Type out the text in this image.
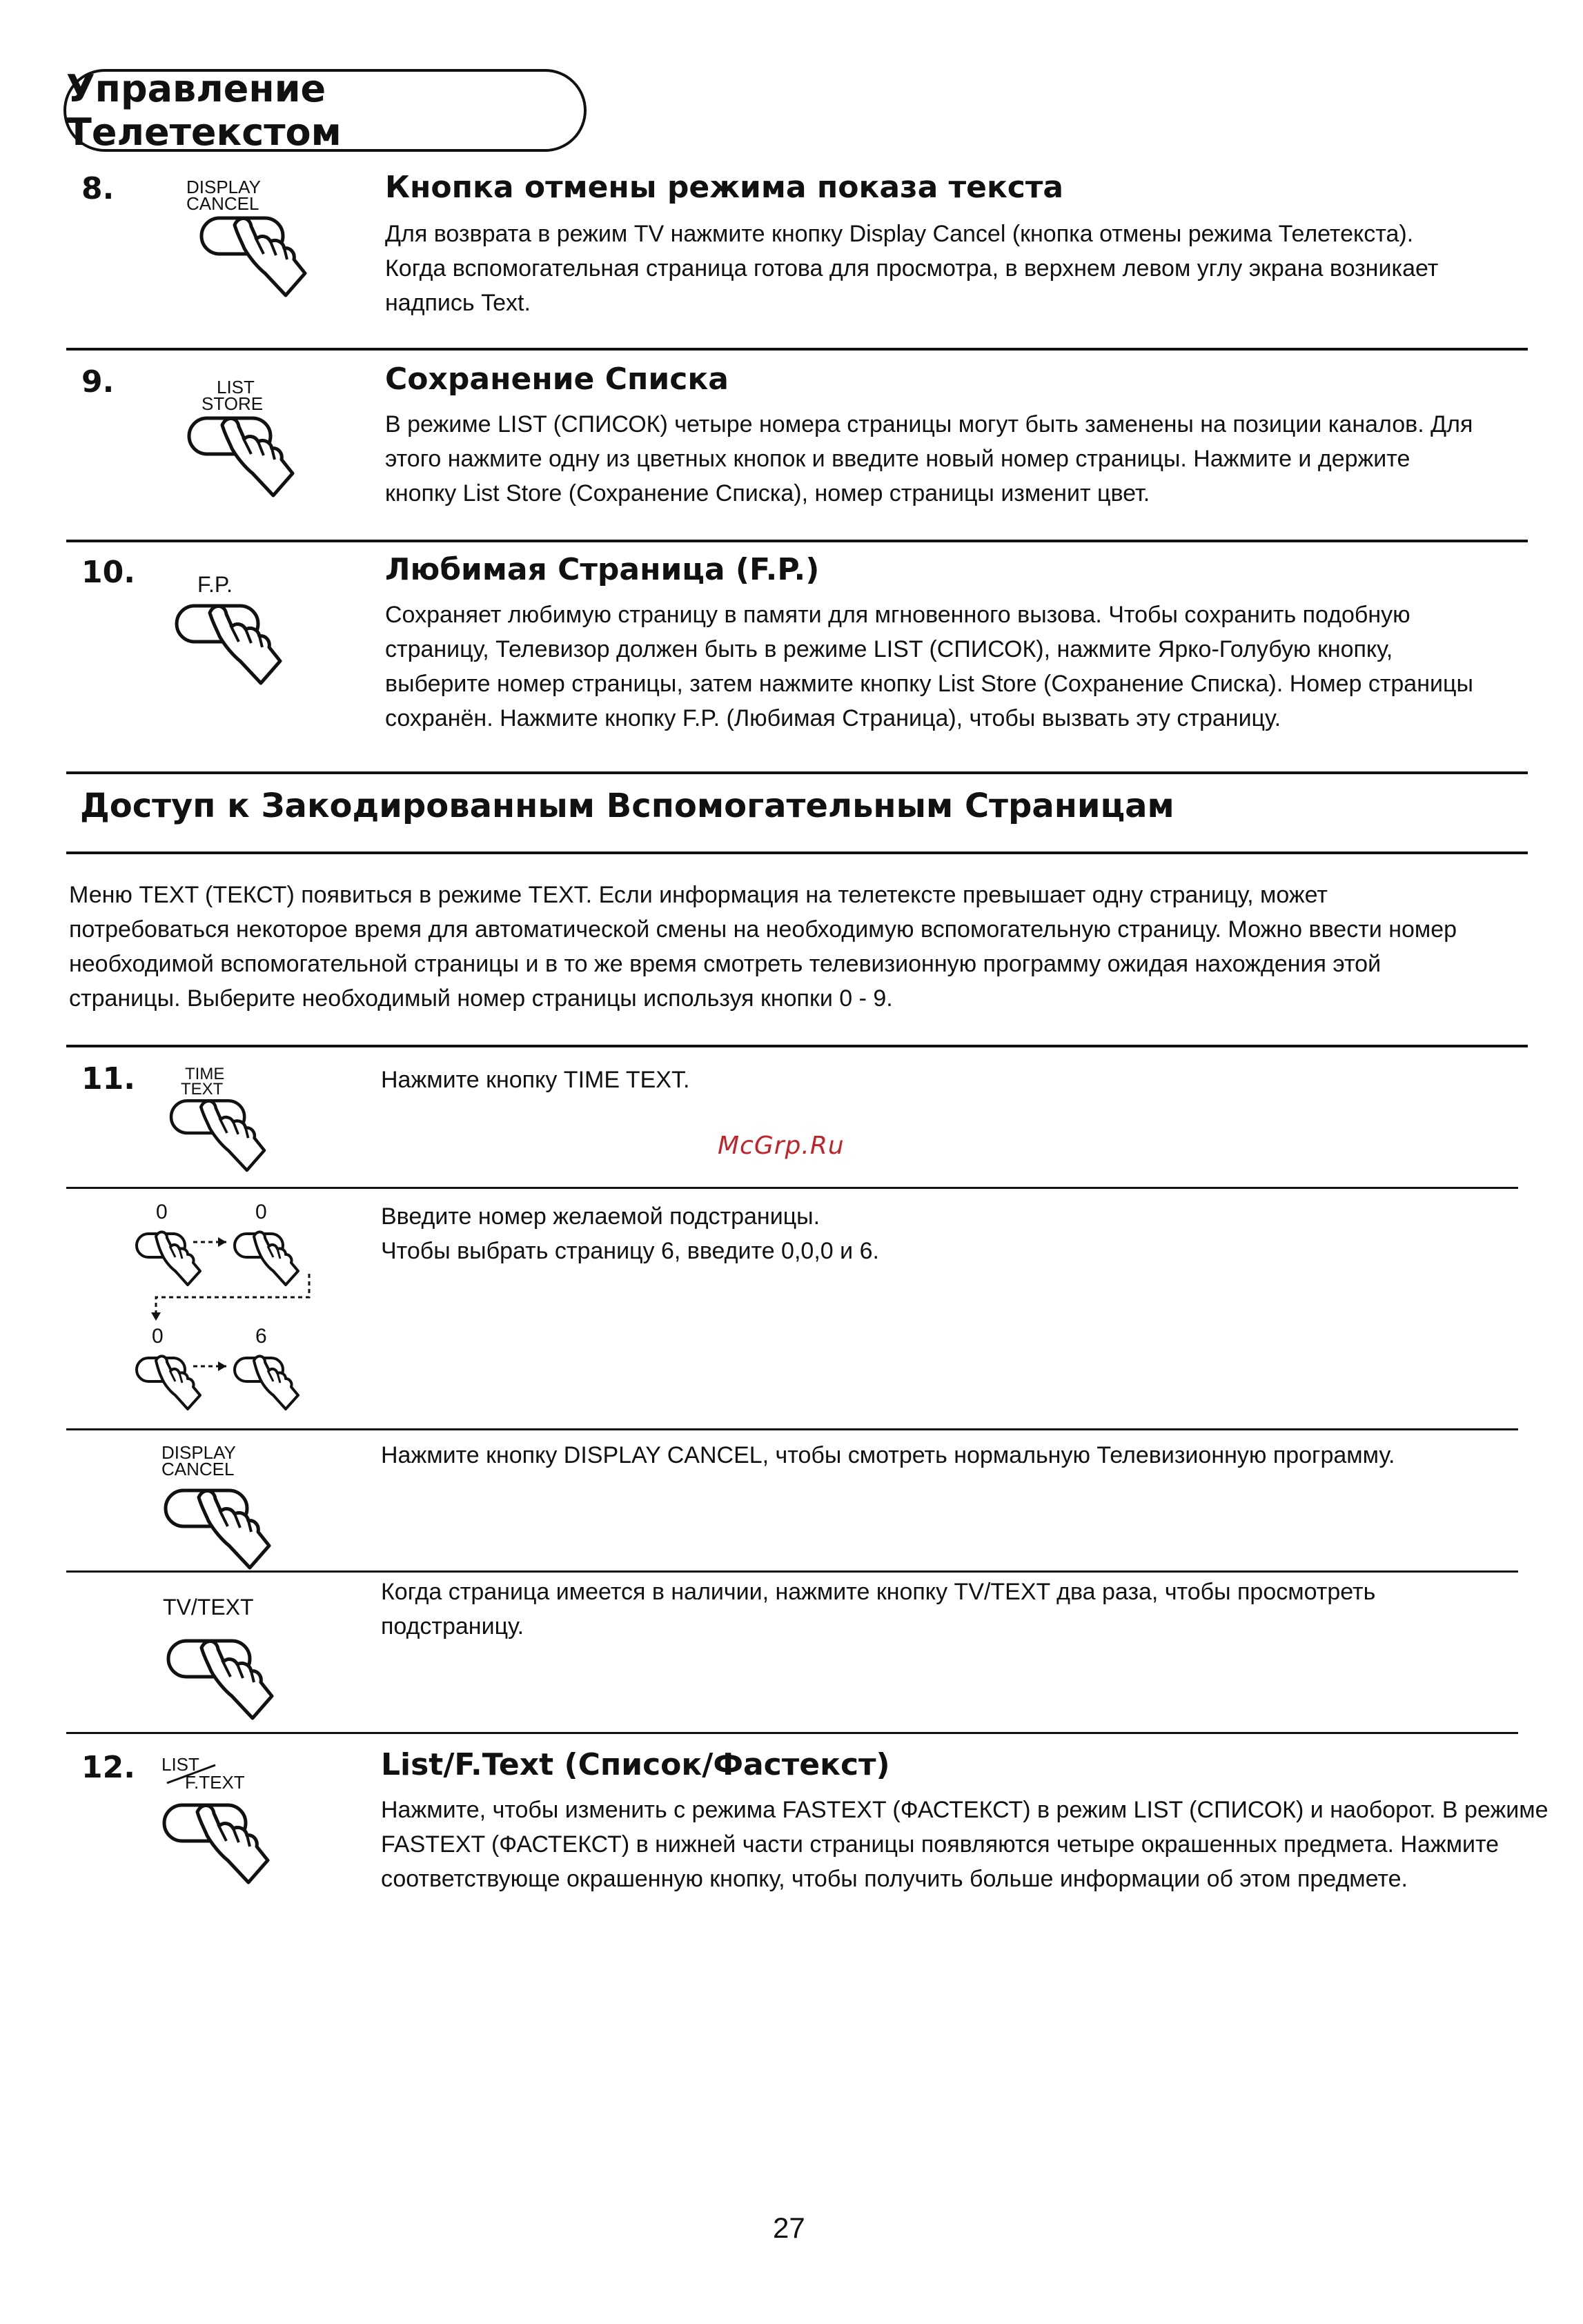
Управление Телетекстом
8.	DISPLAY
CANCEL	Кнопка отмены режима показа текста
Для возврата в режим TV нажмите кнопку Display Cancel (кнопка отмены режима Телетекста).
Когда вспомогательная страница готова для просмотра, в верхнем левом углу экрана возникает
надпись Text.
9.	LIST
STORE
Сохранение Списка
В режиме LIST (СПИСОК) четыре номера страницы могут быть заменены на позиции каналов. Для
этого нажмите одну из цветных кнопок и введите новый номер страницы. Нажмите и держите
кнопку List Store (Сохранение Списка), номер страницы изменит цвет.
10.	F.P.	Любимая Страница (F.P.)
Сохраняет любимую страницу в памяти для мгновенного вызова. Чтобы сохранить подобную
страницу, Телевизор должен быть в режиме LIST (СПИСОК), нажмите Ярко-Голубую кнопку,
выберите номер страницы, затем нажмите кнопку List Store (Сохранение Списка). Номер страницы
сохранён. Нажмите кнопку F.P. (Любимая Страница), чтобы вызвать эту страницу.
Доступ к Закодированным Вспомогательным Страницам
Меню TEXT (ТЕКСТ) появиться в режиме TEXT. Если информация на телетексте превышает одну страницу, может
потребоваться некоторое время для автоматической смены на необходимую вспомогательную страницу. Можно ввести номер
необходимой вспомогательной страницы и в то же время смотреть телевизионную программу ожидая нахождения этой
страницы. Выберите необходимый номер страницы используя кнопки 0 - 9.
11.	TIME
TEXT	Нажмите кнопку TIME TEXT.
McGrp.Ru
0	0
0	6
Введите номер желаемой подстраницы.
Чтобы выбрать страницу 6, введите 0,0,0 и 6.
DISPLAY
CANCEL
Нажмите кнопку DISPLAY CANCEL, чтобы смотреть нормальную Телевизионную программу.
TV/TEXT
Когда страница имеется в наличии, нажмите кнопку TV/TEXT два раза, чтобы просмотреть
подстраницу.
12. LIST
F.TEXT	List/F.Text (Список/Фастекст)
Нажмите, чтобы изменить с режима FASTEXT (ФАСТЕКСТ) в режим LIST (СПИСОК) и наоборот. В режиме
FASTEXT (ФАСТЕКСТ) в нижней части страницы появляются четыре окрашенных предмета. Нажмите
соответствующе окрашенную кнопку, чтобы получить больше информации об этом предмете.
27
